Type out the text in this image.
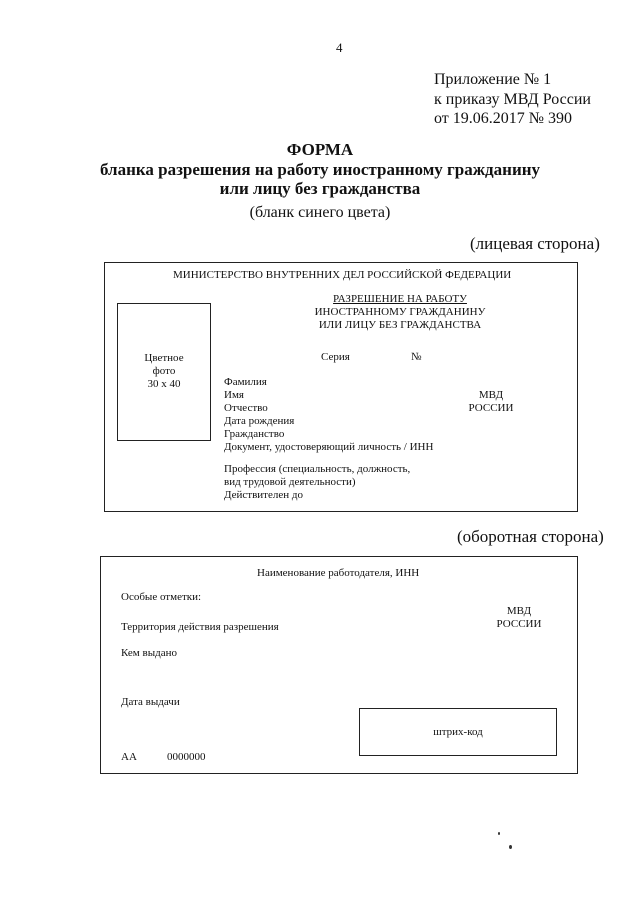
4
Приложение № 1
к приказу МВД России
от 19.06.2017 № 390
ФОРМА
бланка разрешения на работу иностранному гражданину
или лицу без гражданства
(бланк синего цвета)
(лицевая сторона)
МИНИСТЕРСТВО ВНУТРЕННИХ ДЕЛ РОССИЙСКОЙ ФЕДЕРАЦИИ
РАЗРЕШЕНИЕ НА РАБОТУ
ИНОСТРАННОМУ ГРАЖДАНИНУ
ИЛИ ЛИЦУ БЕЗ ГРАЖДАНСТВА
Цветное
фото
30 х 40
Серия	№
Фамилия
Имя
Отчество
Дата рождения
Гражданство
Документ, удостоверяющий личность / ИНН
Профессия (специальность, должность,
вид трудовой деятельности)
Действителен до
МВД
РОССИИ
(оборотная сторона)
Наименование работодателя, ИНН
Особые отметки:
Территория действия разрешения
Кем выдано
Дата выдачи
МВД
РОССИИ
штрих-код
АА	0000000
